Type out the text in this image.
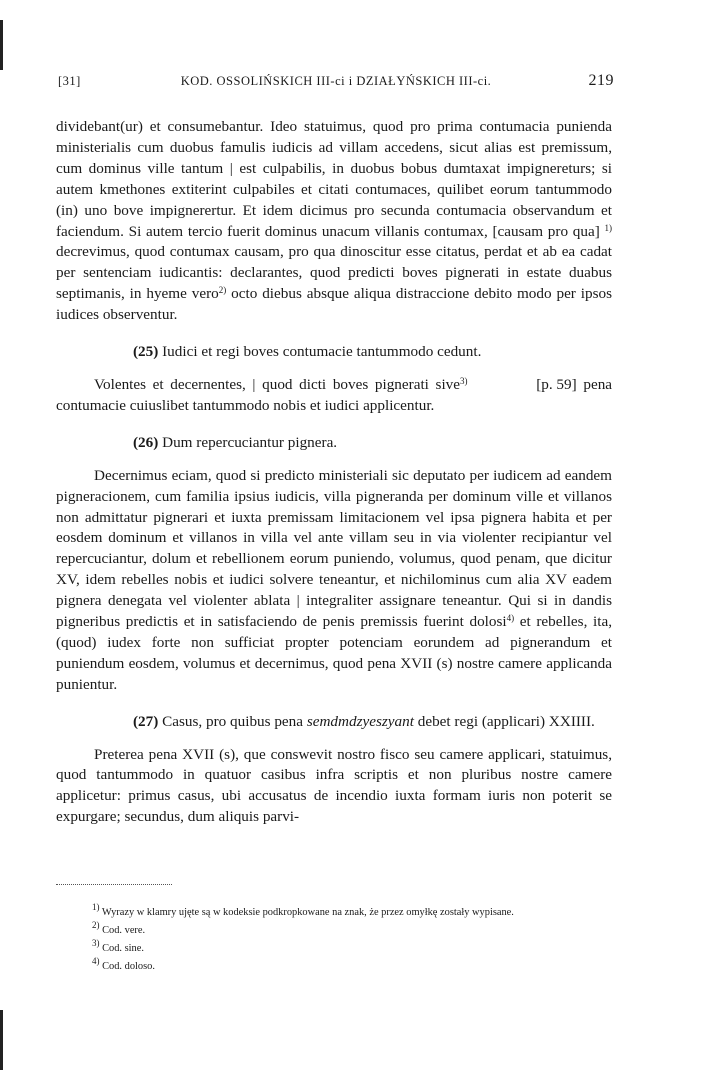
[31]	KOD. OSSOLIŃSKICH III-ci i DZIAŁYŃSKICH III-ci.	219

dividebant(ur) et consumebantur. Ideo statuimus, quod pro prima contumacia punienda ministerialis cum duobus famulis iudicis ad villam accedens, sicut alias est premissum, cum dominus ville tantum | est culpabilis, in duobus bobus dumtaxat impignereturs; si autem kmethones extiterint culpabiles et citati contumaces, quilibet eorum tantummodo (in) uno bove impignerertur. Et idem dicimus pro secunda contumacia observandum et faciendum. Si autem tercio fuerit dominus unacum villanis contumax, [causam pro qua] $^{1)}$ decrevimus, quod contumax causam, pro qua dinoscitur esse citatus, perdat et ab ea cadat per sentenciam iudicantis: declarantes, quod predicti boves pignerati in estate duabus septimanis, in hyeme vero$^{2)}$ octo diebus absque aliqua distraccione debito modo per ipsos iudices observentur.

(25) Iudici et regi boves contumacie tantummodo cedunt.

Volentes et decernentes, | quod dicti boves pignerati sive$^{3)}$	[p. 59] pena contumacie cuiuslibet tantummodo nobis et iudici applicentur.

(26) Dum repercuciantur pignera.

Decernimus eciam, quod si predicto ministeriali sic deputato per iudicem ad eandem pigneracionem, cum familia ipsius iudicis, villa pigneranda per dominum ville et villanos non admittatur pignerari et iuxta premissam limitacionem vel ipsa pignera habita et per eosdem dominum et villanos in villa vel ante villam seu in via violenter recipiantur vel repercuciantur, dolum et rebellionem eorum puniendo, volumus, quod penam, que dicitur XV, idem rebelles nobis et iudici solvere teneantur, et nichilominus cum alia XV eadem pignera denegata vel violenter ablata | integraliter assignare teneantur. Qui si in dandis pigneribus predictis et in satisfaciendo de penis premissis fuerint dolosi$^{4)}$ et rebelles, ita, (quod) iudex forte non sufficiat propter potenciam eorundem ad pignerandum et puniendum eosdem, volumus et decernimus, quod pena XVII (s) nostre camere applicanda punientur.

(27) Casus, pro quibus pena semdmdzyeszyant debet regi (applicari) XXIIII.

Preterea pena XVII (s), que conswevit nostro fisco seu camere applicari, statuimus, quod tantummodo in quatuor casibus infra scriptis et non pluribus nostre camere applicetur: primus casus, ubi accusatus de incendio iuxta formam iuris non poterit se expurgare; secundus, dum aliquis parvi-

$^{1)}$ Wyrazy w klamry ujęte są w kodeksie podkropkowane na znak, że przez omyłkę zostały wypisane.

$^{2)}$ Cod. vere.

$^{3)}$ Cod. sine.

$^{4)}$ Cod. doloso.
